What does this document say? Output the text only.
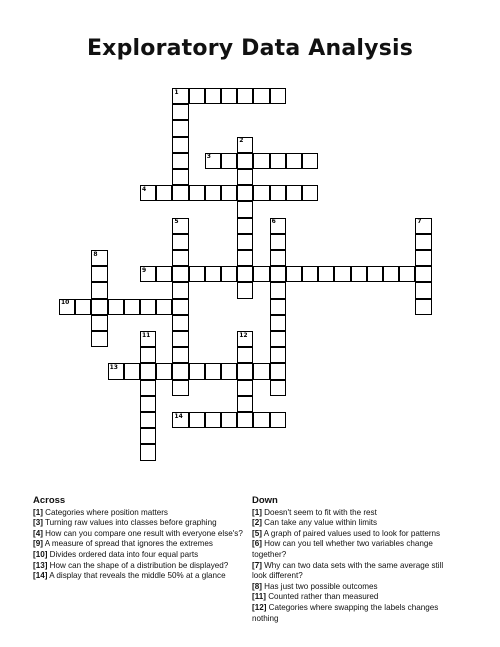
Exploratory Data Analysis
1
2
3
4
5	6	7
8
9
10
11	12
13
14
Across
[1] Categories where position matters
[3] Turning raw values into classes before graphing
[4] How can you compare one result with everyone else's?
[9] A measure of spread that ignores the extremes
[10] Divides ordered data into four equal parts
[13] How can the shape of a distribution be displayed?
[14] A display that reveals the middle 50% at a glance
Down
[1] Doesn't seem to fit with the rest
[2] Can take any value within limits
[5] A graph of paired values used to look for patterns
[6] How can you tell whether two variables change together?
[7] Why can two data sets with the same average still look different?
[8] Has just two possible outcomes
[11] Counted rather than measured
[12] Categories where swapping the labels changes nothing
